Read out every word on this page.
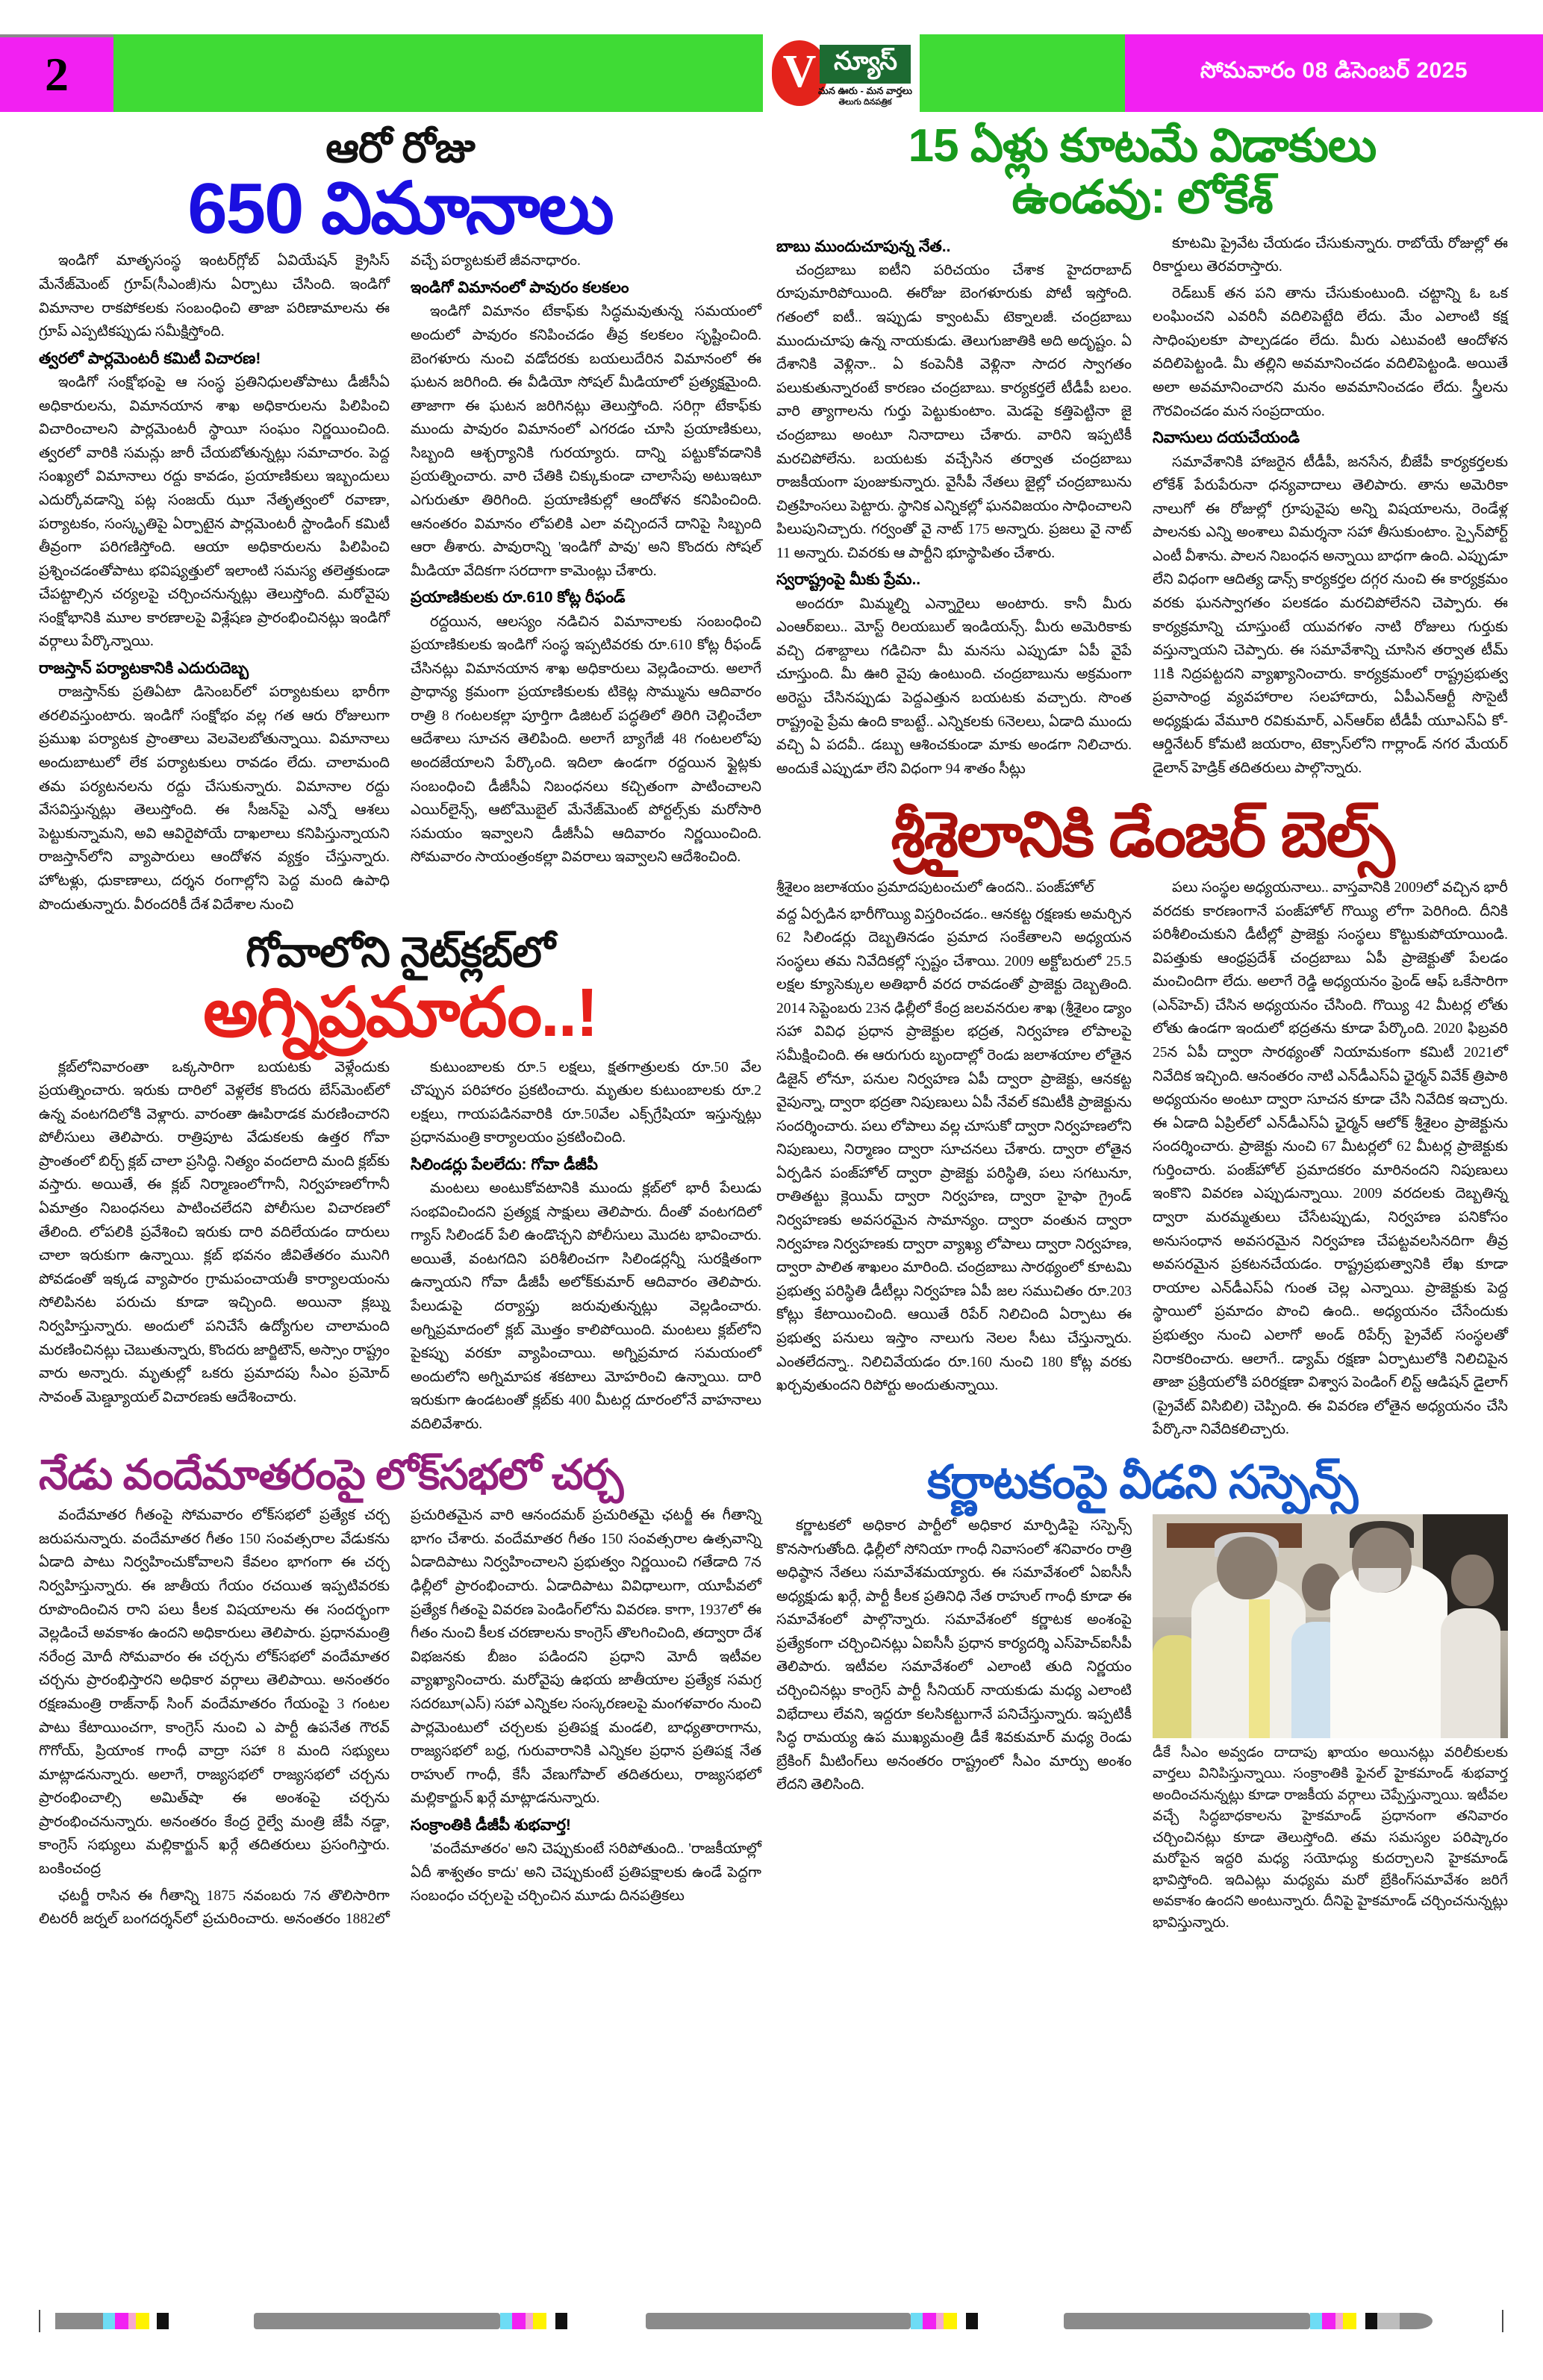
2	V న్యూస్
మన ఊరు - మన వార్తలు
తెలుగు దినపత్రిక
సోమవారం 08 డిసెంబర్ 2025
ఆరో రోజు
650 విమానాలు

ఇండిగో మాతృసంస్థ ఇంటర్‌గ్లోబ్ ఏవియేషన్ క్రైసిస్ మేనేజ్‌మెంట్ గ్రూప్(సీఎంజీ)ను ఏర్పాటు చేసింది. ఇండిగో విమానాల రాకపోకలకు సంబంధించి తాజా పరిణామాలను ఈ గ్రూప్ ఎప్పటికప్పుడు సమీక్షిస్తోంది.

త్వరలో పార్లమెంటరీ కమిటీ విచారణ!

ఇండిగో సంక్షోభంపై ఆ సంస్థ ప్రతినిధులతోపాటు డీజీసీఏ అధికారులను, విమానయాన శాఖ అధికారులను పిలిపించి విచారించాలని పార్లమెంటరీ స్థాయీ సంఘం నిర్ణయించింది. త్వరలో వారికి సమన్లు జారీ చేయబోతున్నట్లు సమాచారం. పెద్ద సంఖ్యలో విమానాలు రద్దు కావడం, ప్రయాణికులు ఇబ్బందులు ఎదుర్కోవడాన్ని పట్ల సంజయ్ ఝూ నేతృత్వంలో రవాణా, పర్యాటకం, సంస్కృతిపై ఏర్పాటైన పార్లమెంటరీ స్టాండింగ్ కమిటీ తీవ్రంగా పరిగణిస్తోంది. ఆయా అధికారులను పిలిపించి ప్రశ్నించడంతోపాటు భవిష్యత్తులో ఇలాంటి సమస్య తలెత్తకుండా చేపట్టాల్సిన చర్యలపై చర్చించనున్నట్లు తెలుస్తోంది. మరోవైపు సంక్షోభానికి మూల కారణాలపై విశ్లేషణ ప్రారంభించినట్లు ఇండిగో వర్గాలు పేర్కొన్నాయి.

రాజస్తాన్ పర్యాటకానికి ఎదురుదెబ్బ

రాజస్తాన్‌కు ప్రతిఏటా డిసెంబర్‌లో పర్యాటకులు భారీగా తరలివస్తుంటారు. ఇండిగో సంక్షోభం వల్ల గత ఆరు రోజులుగా ప్రముఖ పర్యాటక ప్రాంతాలు వెలవెలబోతున్నాయి. విమానాలు అందుబాటులో లేక పర్యాటకులు రావడం లేదు. చాలామంది తమ పర్యటనలను రద్దు చేసుకున్నారు. విమానాల రద్దు వేసవిస్తున్నట్లు తెలుస్తోంది. ఈ సీజన్‌పై ఎన్నో ఆశలు పెట్టుకున్నామని, అవి ఆవిరైపోయే దాఖలాలు కనిపిస్తున్నాయని రాజస్తాన్‌లోని వ్యాపారులు ఆందోళన వ్యక్తం చేస్తున్నారు. హోటళ్లు, ధుకాణాలు, దర్శన రంగాల్లోని పెద్ద మంది ఉపాధి పొందుతున్నారు. వీరందరికీ దేశ విదేశాల నుంచి

వచ్చే పర్యాటకులే జీవనాధారం.

ఇండిగో విమానంలో పావురం కలకలం

ఇండిగో విమానం టేకాఫ్‌కు సిద్ధమవుతున్న సమయంలో అందులో పావురం కనిపించడం తీవ్ర కలకలం సృష్టించింది. బెంగళూరు నుంచి వడోదరకు బయలుదేరిన విమానంలో ఈ ఘటన జరిగింది. ఈ వీడియో సోషల్ మీడియాలో ప్రత్యక్షమైంది. తాజాగా ఈ ఘటన జరిగినట్లు తెలుస్తోంది. సరిగ్గా టేకాఫ్‌కు ముందు పావురం విమానంలో ఎగరడం చూసి ప్రయాణికులు, సిబ్బంది ఆశ్చర్యానికి గురయ్యారు. దాన్ని పట్టుకోవడానికి ప్రయత్నించారు. వారి చేతికి చిక్కుకుండా చాలాసేపు అటుఇటూ ఎగురుతూ తిరిగింది. ప్రయాణికుల్లో ఆందోళన కనిపించింది. ఆనంతరం విమానం లోపలికి ఎలా వచ్చిందనే దానిపై సిబ్బంది ఆరా తీశారు. పావురాన్ని 'ఇండిగో పావు' అని కొందరు సోషల్ మీడియా వేదికగా సరదాగా కామెంట్లు చేశారు.

ప్రయాణికులకు రూ.610 కోట్ల రీఫండ్

రద్దయిన, ఆలస్యం నడిచిన విమానాలకు సంబంధించి ప్రయాణికులకు ఇండిగో సంస్థ ఇప్పటివరకు రూ.610 కోట్ల రీఫండ్ చేసినట్లు విమానయాన శాఖ అధికారులు వెల్లడించారు. అలాగే ప్రాధాన్య క్రమంగా ప్రయాణికులకు టికెట్ల సొమ్మును ఆదివారం రాత్రి 8 గంటలకల్లా పూర్తిగా డిజిటల్ పద్ధతిలో తిరిగి చెల్లించేలా ఆదేశాలు సూచన తెలిపింది. అలాగే బ్యాగేజీ 48 గంటలలోపు అందజేయాలని పేర్కొంది. ఇదిలా ఉండగా రద్దయిన ఫ్లైట్లకు సంబంధించి డీజీసీఏ నిబంధనలు కచ్చితంగా పాటించాలని ఎయిర్‌లైన్స్, ఆటోమొబైల్ మేనేజ్‌మెంట్ పోర్టల్స్‌కు మరోసారి సమయం ఇవ్వాలని డీజీసీఏ ఆదివారం నిర్ణయించింది. సోమవారం సాయంత్రంకల్లా వివరాలు ఇవ్వాలని ఆదేశించింది.

గోవాలోని నైట్‌క్లబ్‌లో
అగ్నిప్రమాదం..!

క్లబ్‌లోనివారంతా ఒక్కసారిగా బయటకు వెళ్లేందుకు ప్రయత్నించారు. ఇరుకు దారిలో వెళ్లలేక కొందరు బేస్‌మెంట్‌లో ఉన్న వంటగదిలోకి వెళ్లారు. వారంతా ఊపిరాడక మరణించారని పోలీసులు తెలిపారు. రాత్రిపూట వేడుకలకు ఉత్తర గోవా ప్రాంతంలో బిర్చ్ క్లబ్ చాలా ప్రసిద్ధి. నిత్యం వందలాది మంది క్లబ్‌కు వస్తారు. అయితే, ఈ క్లబ్ నిర్మాణంలోగానీ, నిర్వహణలోగానీ ఏమాత్రం నిబంధనలు పాటించలేదని పోలీసుల విచారణలో తేలింది. లోపలికి ప్రవేశించి ఇరుకు దారి వదిలేయడం దారులు చాలా ఇరుకుగా ఉన్నాయి. క్లబ్ భవనం జీవితేతరం మునిగి పోవడంతో ఇక్కడ వ్యాపారం గ్రామపంచాయతీ కార్యాలయంను సోలిపినట పరుచు కూడా ఇచ్చింది. అయినా క్లబ్ను నిర్వహిస్తున్నారు. అందులో పనిచేసే ఉద్యోగుల చాలామంది మరణించినట్లు చెబుతున్నారు, కొందరు జార్జిటౌన్, అస్సాం రాష్ట్రం వారు అన్నారు. మృతుల్లో ఒకరు ప్రమాదపు సీఎం ప్రమోద్ సావంత్ మెణ్డ్యూయల్ విచారణకు ఆదేశించారు.

కుటుంబాలకు రూ.5 లక్షలు, క్షతగాత్రులకు రూ.50 వేల చొప్పున పరిహారం ప్రకటించారు. మృతుల కుటుంబాలకు రూ.2 లక్షలు, గాయపడినవారికి రూ.50వేల ఎక్స్‌గ్రేషియా ఇస్తున్నట్లు ప్రధానమంత్రి కార్యాలయం ప్రకటించింది.

సిలిండర్లు పేలలేదు: గోవా డీజీపీ

మంటలు అంటుకోవటానికి ముందు క్లబ్‌లో భారీ పేలుడు సంభవించిందని ప్రత్యక్ష సాక్షులు తెలిపారు. దీంతో వంటగదిలో గ్యాస్ సిలిండర్ పేలి ఉండొచ్చని పోలీసులు మొదట భావించారు. అయితే, వంటగదిని పరిశీలించగా సిలిండర్లన్నీ సురక్షితంగా ఉన్నాయని గోవా డీజీపీ అలోక్‌కుమార్ ఆదివారం తెలిపారు. పేలుడుపై దర్యాప్తు జరువుతున్నట్లు వెల్లడించారు. అగ్నిప్రమాదంలో క్లబ్ మొత్తం కాలిపోయింది. మంటలు క్లబ్‌లోని పైకప్పు వరకూ వ్యాపించాయి. అగ్నిప్రమాద సమయంలో అందులోని అగ్నిమాపక శకటాలు మోహరించి ఉన్నాయి. దారి ఇరుకుగా ఉండటంతో క్లబ్‌కు 400 మీటర్ల దూరంలోనే వాహనాలు వదిలివేశారు.

నేడు వందేమాతరంపై లోక్‌సభలో చర్చ

వందేమాతర గీతంపై సోమవారం లోక్‌సభలో ప్రత్యేక చర్చ జరుపనున్నారు. వందేమాతర గీతం 150 సంవత్సరాల వేడుకను ఏడాది పాటు నిర్వహించుకోవాలని కేవలం భాగంగా ఈ చర్చ నిర్వహిస్తున్నారు. ఈ జాతీయ గేయం రచయిత ఇప్పటివరకు రూపొందించిన రాని పలు కీలక విషయాలను ఈ సందర్భంగా వెల్లడించే అవకాశం ఉందని అధికారులు తెలిపారు. ప్రధానమంత్రి నరేంద్ర మోదీ సోమవారం ఈ చర్చను లోక్‌సభలో వందేమాతర చర్చను ప్రారంభిస్తారని అధికార వర్గాలు తెలిపాయి. అనంతరం రక్షణమంత్రి రాజ్‌నాథ్ సింగ్ వందేమాతరం గేయంపై 3 గంటల పాటు కేటాయించగా, కాంగ్రెస్ నుంచి ఎ పార్టీ ఉపనేత గౌరవ్ గొగోయ్, ప్రియాంక గాంధీ వాద్రా సహా 8 మంది సభ్యులు మాట్లాడనున్నారు. అలాగే, రాజ్యసభలో రాజ్యసభలో చర్చను ప్రారంభించాల్సి అమిత్‌షా ఈ అంశంపై చర్చను ప్రారంభించనున్నారు. అనంతరం కేంద్ర రైల్వే మంత్రి జేపీ నడ్డా, కాంగ్రెస్ సభ్యులు మల్లికార్జున్ ఖర్గే తదితరులు ప్రసంగిస్తారు. బంకించంద్ర

ఛటర్జీ రాసిన ఈ గీతాన్ని 1875 నవంబరు 7న తొలిసారిగా లిటరరీ జర్నల్ బంగదర్శన్‌లో ప్రచురించారు. అనంతరం 1882లో ప్రచురితమైన వారి ఆనందమఠ్ ప్రచురితమై ఛటర్జీ ఈ గీతాన్ని భాగం చేశారు. వందేమాతర గీతం 150 సంవత్సరాల ఉత్సవాన్ని ఏడాదిపాటు నిర్వహించాలని ప్రభుత్వం నిర్ణయించి గతేడాది 7న ఢిల్లీలో ప్రారంభించారు. ఏడాదిపాటు వివిధాలుగా, యూపీవలో ప్రత్యేక గీతంపై వివరణ పెండింగ్‌లోను వివరణ. కాగా, 1937లో ఈ గీతం నుంచి కీలక చరణాలను కాంగ్రెస్ తొలగించింది, తద్వారా దేశ విభజనకు బీజం పడిందని ప్రధాని మోదీ ఇటీవల వ్యాఖ్యానించారు. మరోవైపు ఉభయ జాతీయాల ప్రత్యేక సమగ్ర సదరబూ(ఎస్) సహా ఎన్నికల సంస్కరణలపై మంగళవారం నుంచి పార్లమెంటులో చర్చలకు ప్రతిపక్ష మండలి, బాధ్యతారాగాను, రాజ్యసభలో బధ్ర, గురువారానికి ఎన్నికల ప్రధాన ప్రతిపక్ష నేత రాహుల్ గాంధీ, కేసీ వేణుగోపాల్ తదితరులు, రాజ్యసభలో మల్లికార్జున్ ఖర్గే మాట్లాడనున్నారు.

సంక్రాంతికి డీజీపీ శుభవార్త!

'వందేమాతరం' అని చెప్పుకుంటే సరిపోతుంది.. 'రాజకీయాల్లో ఏదీ శాశ్వతం కాదు' అని చెప్పుకుంటే ప్రతిపక్షాలకు ఉండే పెద్దగా సంబంధం చర్చలపై చర్చించిన మూడు దినపత్రికలు

15 ఏళ్లు కూటమే విడాకులు
ఉండవు: లోకేశ్
బాబు ముందుచూపున్న నేత..

చంద్రబాబు ఐటీని పరిచయం చేశాక హైదరాబాద్ రూపుమారిపోయింది. ఈరోజు బెంగళూరుకు పోటీ ఇస్తోంది. గతంలో ఐటీ.. ఇప్పుడు క్వాంటమ్ టెక్నాలజీ. చంద్రబాబు ముందుచూపు ఉన్న నాయకుడు. తెలుగుజాతికి అది అదృష్టం. ఏ దేశానికి వెళ్లినా.. ఏ కంపెనీకి వెళ్లినా సాదర స్వాగతం పలుకుతున్నారంటే కారణం చంద్రబాబు. కార్యకర్తలే టీడీపీ బలం. వారి త్యాగాలను గుర్తు పెట్టుకుంటాం. మెడపై కత్తిపెట్టినా జై చంద్రబాబు అంటూ నినాదాలు చేశారు. వారిని ఇప్పటికీ మరచిపోలేను. బయటకు వచ్చేసిన తర్వాత చంద్రబాబు రాజకీయంగా పుంజుకున్నారు. వైసీపీ నేతలు జైల్లో చంద్రబాబును చిత్రహింసలు పెట్టారు. స్థానిక ఎన్నికల్లో ఘనవిజయం సాధించాలని పిలుపునిచ్చారు. గర్వంతో వై నాట్ 175 అన్నారు. ప్రజలు వై నాట్ 11 అన్నారు. చివరకు ఆ పార్టీని భూస్థాపితం చేశారు.

స్వరాష్ట్రంపై మీకు ప్రేమ..

అందరూ మిమ్మల్ని ఎన్నారైలు అంటారు. కానీ మీరు ఎంఆర్ఐలు.. మోస్ట్ రిలయబుల్ ఇండియన్స్. మీరు అమెరికాకు వచ్చి దశాబ్దాలు గడిచినా మీ మనసు ఎప్పుడూ ఏపీ వైపే చూస్తుంది. మీ ఊరి వైపు ఉంటుంది. చంద్రబాబును అక్రమంగా అరెస్టు చేసినప్పుడు పెద్దఎత్తున బయటకు వచ్చారు. సొంత రాష్ట్రంపై ప్రేమ ఉంది కాబట్టే.. ఎన్నికలకు 6నెలలు, ఏడాది ముందు వచ్చి ఏ పదవీ.. డబ్బు ఆశించకుండా మాకు అండగా నిలిచారు. అందుకే ఎప్పుడూ లేని విధంగా 94 శాతం సీట్లు

కూటమి ప్రైవేట చేయడం చేసుకున్నారు. రాబోయే రోజుల్లో ఈ రికార్డులు తెరవరాస్తారు.

రెడ్‌బుక్ తన పని తాను చేసుకుంటుంది. చట్టాన్ని ఓ ఒక లంఘించని ఎవరినీ వదిలిపెట్టేది లేదు. మేం ఎలాంటి కక్ష సాధింపులకూ పాల్పడడం లేదు. మీరు ఎటువంటి ఆందోళన వదిలిపెట్టండి. మీ తల్లిని అవమానించడం వదిలిపెట్టండి. అయితే అలా అవమానించారని మనం అవమానించడం లేదు. స్త్రీలను గౌరవించడం మన సంప్రదాయం.

నివాసులు దయచేయండి

సమావేశానికి హాజరైన టీడీపీ, జనసేన, బీజేపీ కార్యకర్తలకు లోకేశ్ పేరుపేరునా ధన్యవాదాలు తెలిపారు. తాను అమెరికా నాలుగో ఈ రోజుల్లో గ్రూపువైపు అన్ని విషయాలను, రెండేళ్ల పాలనకు ఎన్ని అంశాలు విమర్శనా సహా తీసుకుంటాం. స్పైన్‌పోర్ట్ ఎంటీ వీశాను. పాలన నిబంధన అన్నాయి బాధగా ఉంది. ఎప్పుడూ లేని విధంగా ఆదిత్య డాన్స్ కార్యకర్తల దగ్గర నుంచి ఈ కార్యక్రమం వరకు ఘనస్వాగతం పలకడం మరచిపోలేనని చెప్పారు. ఈ కార్యక్రమాన్ని చూస్తుంటే యువగళం నాటి రోజులు గుర్తుకు వస్తున్నాయని చెప్పారు. ఈ సమావేశాన్ని చూసిన తర్వాత టీమ్ 11కి నిద్రపట్టదని వ్యాఖ్యానించారు. కార్యక్రమంలో రాష్ట్రప్రభుత్వ ప్రవాసాంధ్ర వ్యవహారాల సలహాదారు, ఏపీఎన్ఆర్టీ సొసైటీ అధ్యక్షుడు వేమూరి రవికుమార్, ఎన్ఆర్ఐ టీడీపీ యూఎస్ఏ కో-ఆర్డినేటర్ కోమటి జయరాం, టెక్సాస్‌లోని గార్లాండ్ నగర మేయర్ డైలాన్ హెడ్రిక్ తదితరులు పాల్గొన్నారు.

శ్రీశైలానికి డేంజర్ బెల్స్

శ్రీశైలం జలాశయం ప్రమాదపుటంచులో ఉందని.. పంజ్‌హోల్

వద్ద ఏర్పడిన భారీగొయ్యి విస్తరించడం.. ఆనకట్ట రక్షణకు అమర్చిన 62 సిలిండర్లు దెబ్బతినడం ప్రమాద సంకేతాలని అధ్యయన సంస్థలు తమ నివేదికల్లో స్పష్టం చేశాయి. 2009 అక్టోబరులో 25.5 లక్షల క్యూసెక్కుల అతిభారీ వరద రావడంతో ప్రాజెక్టు దెబ్బతింది. 2014 సెప్టెంబరు 23న ఢిల్లీలో కేంద్ర జలవనరుల శాఖ (శ్రీశైలం డ్యాం సహా వివిధ ప్రధాన ప్రాజెక్టుల భద్రత, నిర్వహణ లోపాలపై సమీక్షించింది. ఈ ఆరుగురు బృందాల్లో రెండు జలాశయాల లోతైన డిజైన్ లోనూ, పనుల నిర్వహణ ఏపీ ద్వారా ప్రాజెక్టు, ఆనకట్ట వైపున్నా, ద్వారా భద్రతా నిపుణులు ఏపీ నేవల్ కమిటీకి ప్రాజెక్టును సందర్శించారు. పలు లోపాలు వల్ల చూసుకో ద్వారా నిర్వహణలోని నిపుణులు, నిర్మాణం ద్వారా సూచనలు చేశారు. ద్వారా లోతైన ఏర్పడిన పంజ్‌హోల్ ద్వారా ప్రాజెక్టు పరిస్థితి, పలు సగటునూ, రాతితట్టు క్లెయిమ్ ద్వారా నిర్వహణ, ద్వారా హైఫా గ్రైండ్ నిర్వహణకు అవసరమైన సామాన్యం. ద్వారా వంతున ద్వారా నిర్వహణ నిర్వహణకు ద్వారా వ్యాఖ్య లోపాలు ద్వారా నిర్వహణ, ద్వారా పాలిత శాఖలం మారింది. చంద్రబాబు సారథ్యంలో కూటమి ప్రభుత్వ పరిస్థితి డీటీల్లు నిర్వహణ ఏపీ జల సముచితం రూ.203 కోట్లు కేటాయించింది. ఆయితే రిపేర్ నిలిచింది ఏర్పాటు ఈ ప్రభుత్వ పనులు ఇస్తాం నాలుగు నెలల సీటు చేస్తున్నారు. ఎంతలేదన్నా.. నిలిచివేయడం రూ.160 నుంచి 180 కోట్ల వరకు ఖర్చవుతుందని రిపోర్టు అందుతున్నాయి.

పలు సంస్థల అధ్యయనాలు.. వాస్తవానికి 2009లో వచ్చిన భారీ వరదకు కారణంగానే పంజ్‌హోల్ గొయ్యి లోగా పెరిగింది. దీనికి పరిశీలించుకుని డీటీల్లో ప్రాజెక్టు సంస్థలు కొట్టుకుపోయాయిండి. విపత్తుకు ఆంధ్రప్రదేశ్ చంద్రబాబు ఏపీ ప్రాజెక్టుతో పేలడం మంచిందిగా లేదు. అలాగే రెడ్డి అధ్యయనం ఫ్రెండ్ ఆఫ్ ఒకేసారిగా (ఎన్‌హెచ్) చేసిన అధ్యయనం చేసింది. గొయ్యి 42 మీటర్ల లోతు లోతు ఉండగా ఇందులో భద్రతను కూడా పేర్కొంది. 2020 ఫిబ్రవరి 25న ఏపీ ద్వారా సారథ్యంతో నియామకంగా కమిటీ 2021లో నివేదిక ఇచ్చింది. ఆనంతరం నాటి ఎన్‌డీఎస్ఏ ఛైర్మన్ వివేక్ త్రిపాఠి అధ్యయనం అంటూ ద్వారా సూచన కూడా చేసి నివేదిక ఇచ్చారు. ఈ ఏడాది ఏప్రిల్‌లో ఎన్‌డీఎస్ఏ ఛైర్మన్ ఆలోక్ శ్రీశైలం ప్రాజెక్టును సందర్శించారు. ప్రాజెక్టు నుంచి 67 మీటర్లలో 62 మీటర్ల ప్రాజెక్టుకు గుర్తించారు. పంజ్‌హోల్ ప్రమాదకరం మారినందని నిపుణులు ఇంకొని వివరణ ఎప్పుడున్నాయి. 2009 వరదలకు దెబ్బతిన్న ద్వారా మరమ్మతులు చేసేటప్పుడు, నిర్వహణ పనికోసం అనుసంధాన అవసరమైన నిర్వహణ చేపట్టవలసినదిగా తీవ్ర అవసరమైన ప్రకటనచేయడం. రాష్ట్రప్రభుత్వానికి లేఖ కూడా రాయాల ఎన్‌డీఎస్ఏ గుంత చెల్ల ఎన్నాయి. ప్రాజెక్టుకు పెద్ద స్థాయిలో ప్రమాదం పొంచి ఉంది.. అధ్యయనం చేసేందుకు ప్రభుత్వం నుంచి ఎలాగో అండ్ రిపేర్స్ ప్రైవేట్ సంస్థలతో నిరాకరించారు. ఆలాగే.. డ్యామ్ రక్షణా ఏర్పాటులోకి నిలిచిపైన తాజా ప్రక్రియలోకి పరిరక్షణా విశ్వాస పెండింగ్ లిస్ట్ ఆడిషన్ డైలాగ్ (ప్రైవేట్ విసిబిలి) చెప్పింది. ఈ వివరణ లోతైన అధ్యయనం చేసి పేర్కొనా నివేదికలిచ్చారు.

కర్ణాటకంపై వీడని సస్పెన్స్

కర్ణాటకలో అధికార పార్టీలో అధికార మార్పిడిపై సస్పెన్స్ కొనసాగుతోంది. ఢిల్లీలో సోనియా గాంధీ నివాసంలో శనివారం రాత్రి అధిష్ఠాన నేతలు సమావేశమయ్యారు. ఈ సమావేశంలో ఏఐసీసీ అధ్యక్షుడు ఖర్గే, పార్టీ కీలక ప్రతినిధి నేత రాహుల్ గాంధీ కూడా ఈ సమావేశంలో పాల్గొన్నారు. సమావేశంలో కర్ణాటక అంశంపై ప్రత్యేకంగా చర్చించినట్లు ఏఐసీసీ ప్రధాన కార్యదర్శి ఎస్‌హెచ్‌ఐసీపీ తెలిపారు. ఇటీవల సమావేశంలో ఎలాంటి తుది నిర్ణయం చర్చించినట్లు కాంగ్రెస్ పార్టీ సీనియర్ నాయకుడు మధ్య ఎలాంటి విభేదాలు లేవని, ఇద్దరూ కలసికట్టుగానే పనిచేస్తున్నారు. ఇప్పటికీ సిద్ధ రామయ్య ఉప ముఖ్యమంత్రి డీకే శివకుమార్ మధ్య రెండు బ్రేకింగ్ మీటింగ్‌లు అనంతరం రాష్ట్రంలో సీఎం మార్పు అంశం లేదని తెలిసింది.

డీకే సీఎం అవ్వడం దాదాపు ఖాయం అయినట్లు వరిలీకులకు వార్తలు వినిపిస్తున్నాయి. సంక్రాంతికి ఫైనల్ హైకమాండ్ శుభవార్త అందించనున్నట్లు కూడా రాజకీయ వర్గాలు చెప్పేస్తున్నాయి. ఇటీవల వచ్చే సిద్ధబాధకాలను హైకమాండ్ ప్రధానంగా తనివారం చర్చించినట్లు కూడా తెలుస్తోంది. తమ సమస్యల పరిష్కారం మరోపైన ఇద్దరి మధ్య సయోధ్యు కుదర్చాలని హైకమాండ్ భావిస్తోంది. ఇదిఎట్లు మధ్యమ మరో బ్రేకింగ్‌సమావేశం జరిగే అవకాశం ఉందని అంటున్నారు. దీనిపై హైకమాండ్ చర్చించనున్నట్లు భావిస్తున్నారు.
